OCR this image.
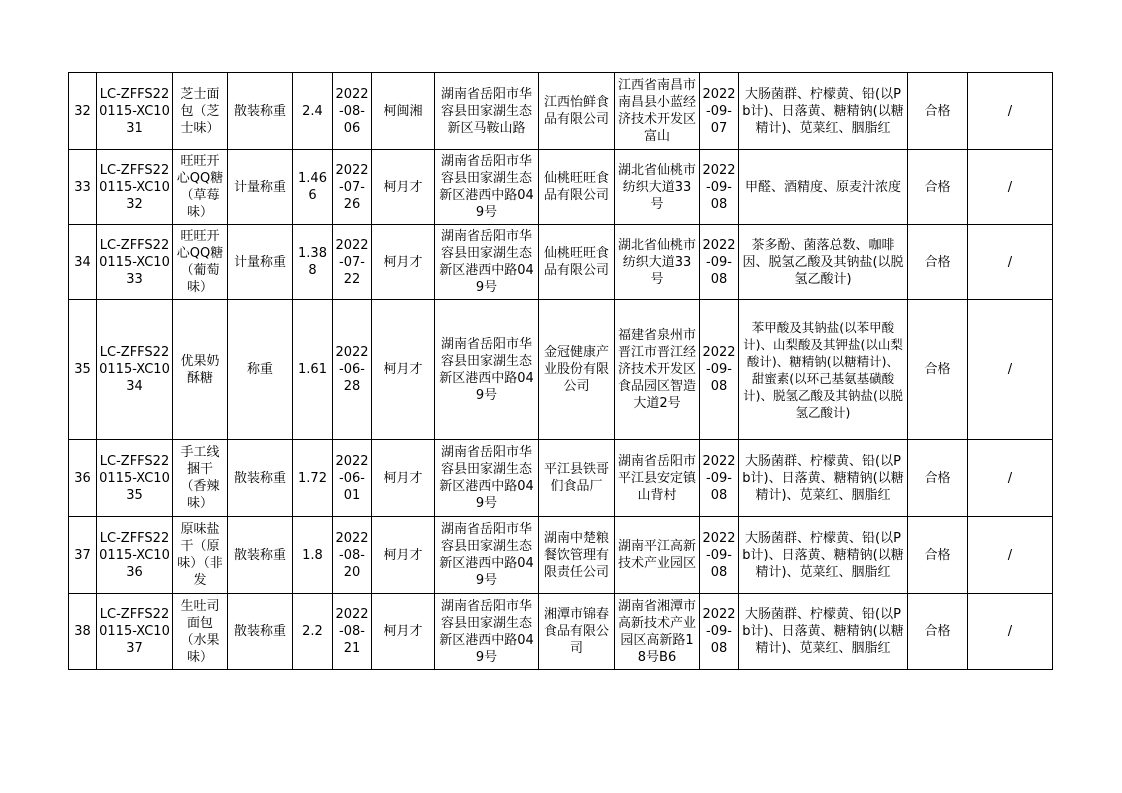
32	LC-ZFFS220115-XC1031	芝士面包（芝士味）	散装称重	2.4	2022-08-06	柯闽湘	湖南省岳阳市华容县田家湖生态新区马鞍山路	江西怡鲜食品有限公司	江西省南昌市南昌县小蓝经济技术开发区富山	2022-09-07	大肠菌群、柠檬黄、铅(以Pb计)、日落黄、糖精钠(以糖精计)、苋菜红、胭脂红	合格	/
33	LC-ZFFS220115-XC1032	旺旺开心QQ糖（草莓味）	计量称重	1.466	2022-07-26	柯月才	湖南省岳阳市华容县田家湖生态新区港西中路049号	仙桃旺旺食品有限公司	湖北省仙桃市纺织大道33号	2022-09-08	甲醛、酒精度、原麦汁浓度	合格	/
34	LC-ZFFS220115-XC1033	旺旺开心QQ糖（葡萄味）	计量称重	1.388	2022-07-22	柯月才	湖南省岳阳市华容县田家湖生态新区港西中路049号	仙桃旺旺食品有限公司	湖北省仙桃市纺织大道33号	2022-09-08	茶多酚、菌落总数、咖啡因、脱氢乙酸及其钠盐(以脱氢乙酸计)	合格	/
35	LC-ZFFS220115-XC1034	优果奶酥糖	称重	1.61	2022-06-28	柯月才	湖南省岳阳市华容县田家湖生态新区港西中路049号	金冠健康产业股份有限公司	福建省泉州市晋江市晋江经济技术开发区食品园区智造大道2号	2022-09-08	苯甲酸及其钠盐(以苯甲酸计)、山梨酸及其钾盐(以山梨酸计)、糖精钠(以糖精计)、甜蜜素(以环己基氨基磺酸计)、脱氢乙酸及其钠盐(以脱氢乙酸计)	合格	/
36	LC-ZFFS220115-XC1035	手工线捆干（香辣味）	散装称重	1.72	2022-06-01	柯月才	湖南省岳阳市华容县田家湖生态新区港西中路049号	平江县铁哥们食品厂	湖南省岳阳市平江县安定镇山背村	2022-09-08	大肠菌群、柠檬黄、铅(以Pb计)、日落黄、糖精钠(以糖精计)、苋菜红、胭脂红	合格	/
37	LC-ZFFS220115-XC1036	原味盐干（原味）（非发	散装称重	1.8	2022-08-20	柯月才	湖南省岳阳市华容县田家湖生态新区港西中路049号	湖南中楚粮餐饮管理有限责任公司	湖南平江高新技术产业园区	2022-09-08	大肠菌群、柠檬黄、铅(以Pb计)、日落黄、糖精钠(以糖精计)、苋菜红、胭脂红	合格	/
38	LC-ZFFS220115-XC1037	生吐司面包（水果味）	散装称重	2.2	2022-08-21	柯月才	湖南省岳阳市华容县田家湖生态新区港西中路049号	湘潭市锦春食品有限公司	湖南省湘潭市高新技术产业园区高新路18号B6	2022-09-08	大肠菌群、柠檬黄、铅(以Pb计)、日落黄、糖精钠(以糖精计)、苋菜红、胭脂红	合格	/
